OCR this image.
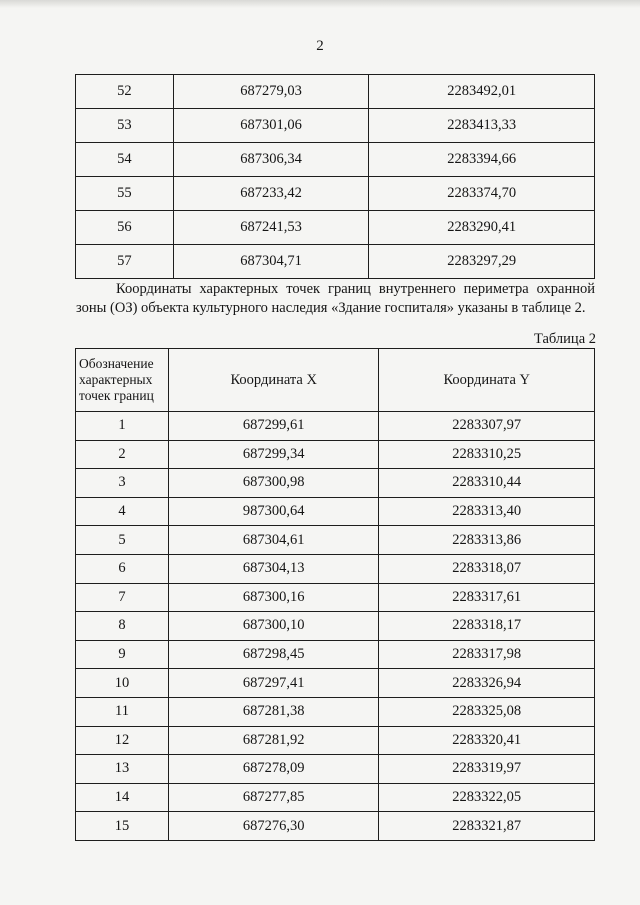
2
52	687279,03	2283492,01
53	687301,06	2283413,33
54	687306,34	2283394,66
55	687233,42	2283374,70
56	687241,53	2283290,41
57	687304,71	2283297,29
Координаты характерных точек границ внутреннего периметра охранной зоны (ОЗ) объекта культурного наследия «Здание госпиталя» указаны в таблице 2.
Таблица 2
Обозначение характерных точек границ	Координата X	Координата Y
1	687299,61	2283307,97
2	687299,34	2283310,25
3	687300,98	2283310,44
4	987300,64	2283313,40
5	687304,61	2283313,86
6	687304,13	2283318,07
7	687300,16	2283317,61
8	687300,10	2283318,17
9	687298,45	2283317,98
10	687297,41	2283326,94
11	687281,38	2283325,08
12	687281,92	2283320,41
13	687278,09	2283319,97
14	687277,85	2283322,05
15	687276,30	2283321,87
